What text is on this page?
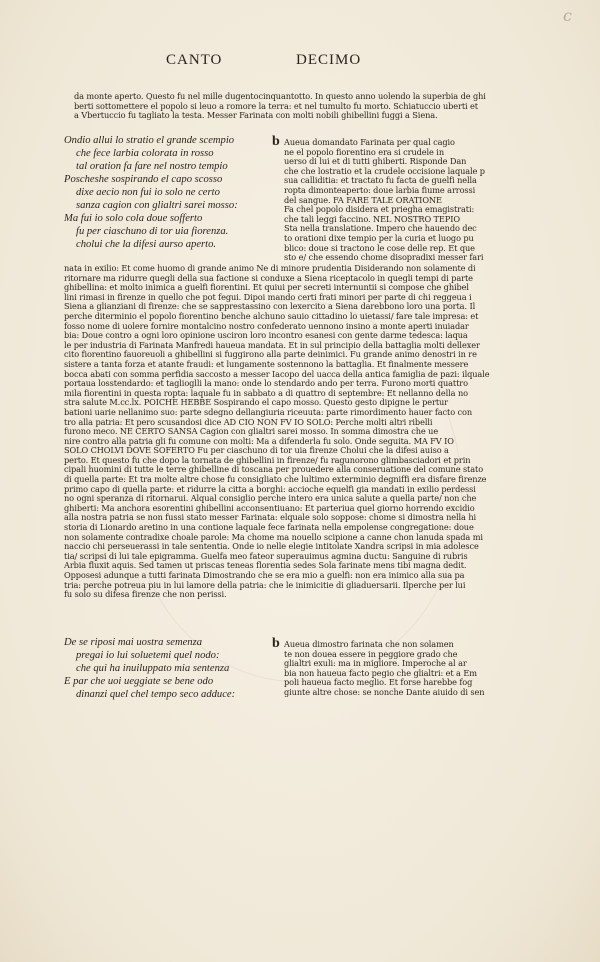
c
CANTO	DECIMO

da monte aperto. Questo fu nel mille dugentocinquantotto. In questo anno uolendo la superbia de ghi

berti sottomettere el popolo si leuo a romore la terra: et nel tumulto fu morto. Schiatuccio uberti et

a Vbertuccio fu tagliato la testa. Messer Farinata con molti nobili ghibellini fuggi a Siena.

Ondio allui lo stratio el grande scempio

che fece larbia colorata in rosso

tal oration fa fare nel nostro tempio

Poscheshe sospirando el capo scosso

dixe aecio non fui io solo ne certo

sanza cagion con glialtri sarei mosso:

Ma fui io solo cola doue sofferto

fu per ciaschuno di tor uia fiorenza.

cholui che la difesi aurso aperto.

b Aueua domandato Farinata per qual cagio

ne el popolo fiorentino era si crudele in

uerso di lui et di tutti ghiberti. Risponde Dan

che che lostratio et la crudele occisione laquale p

sua calliditia: et tractato fu facta de guelfi nella

ropta dimonteaperto: doue larbia fiume arrossi

del sangue. FA FARE TALE ORATIONE

Fa chel popolo disidera et priegha emagistrati:

che tali leggi faccino. NEL NOSTRO TEPIO

Sta nella translatione. Impero che hauendo dec

to orationi dixe tempio per la curia et luogo pu

blico: doue si tractono le cose delle rep. Et que

sto e/ che essendo chome disopradixi messer fari

nata in exilio: Et come huomo di grande animo Ne di minore prudentia Disiderando non solamente di

ritornare ma ridurre quegli della sua factione si conduxe a Siena riceptacolo in quegli tempi di parte

ghibellina: et molto inimica a guelfi fiorentini. Et quiui per secreti internuntii si compose che ghibel

lini rimasi in firenze in quello che pot fegui. Dipoi mando certi frati minori per parte di chi reggeua i

Siena a glianziani di firenze: che se sapprestassino con lexercito a Siena darebbono loro una porta. Il

perche diterminio el popolo fiorentino benche alchuno sauio cittadino lo uietassi/ fare tale impresa: et

fosso nome di uolere fornire montalcino nostro confederato uennono insino a monte aperti inuiadar

bia: Doue contro a ogni loro opinione usciron loro incontro esanesi con gente darme tedesca: laqua

le per industria di Farinata Manfredi haueua mandata. Et in sul principio della battaglia molti dellexer

cito fiorentino fauoreuoli a ghibellini si fuggirono alla parte deinimici. Fu grande animo denostri in re

sistere a tanta forza et atante fraudi: et lungamente sostennono la battaglia. Et finalmente messere

bocca abati con somma perfidia saccosto a messer Iacopo del uacca della antica famiglia de pazi: ilquale

portaua losstendardo: et taglioglli la mano: onde lo stendardo ando per terra. Furono morti quattro

mila fiorentini in questa ropta: laquale fu in sabbato a di quattro di septembre: Et nellanno della no

stra salute M.cc.lx. POICHE HEBBE Sospirando el capo mosso. Questo gesto dipigne le pertur

bationi uarie nellanimo suo: parte sdegno dellangiuria riceuuta: parte rimordimento hauer facto con

tro alla patria: Et pero scusandosi dice AD CIO NON FV IO SOLO: Perche molti altri ribelli

furono meco. NE CERTO SANSA Cagion con glialtri sarei mosso. In somma dimostra che ue

nire contro alla patria gli fu comune con molti: Ma a difenderla fu solo. Onde seguita. MA FV IO

SOLO CHOLVI DOVE SOFERTO Fu per ciaschuno di tor uia firenze Cholui che la difesi auiso a

perto. Et questo fu che dopo la tornata de ghibellini in firenze/ fu ragunorono glimbasciadori et prin

cipali huomini di tutte le terre ghibelline di toscana per prouedere alla conseruatione del comune stato

di quella parte: Et tra molte altre chose fu consigliato che lultimo exterminio degniffi era disfare firenze

primo capo di quella parte: et ridurre la citta a borghi: accioche equelfi gia mandati in exilio perdessi

no ogni speranza di ritornarui. Alqual consiglio perche intero era unica salute a quella parte/ non che

ghiberti: Ma anchora esorentini ghibellini acconsentiuano: Et parteriua quel giorno horrendo excidio

alla nostra patria se non fussi stato messer Farinata: elquale solo soppose: chome si dimostra nella hi

storia di Lionardo aretino in una contione laquale fece farinata nella empolense congregatione: doue

non solamente contradixe choale parole: Ma chome ma nouello scipione a canne chon lanuda spada mi

naccio chi perseuerassi in tale sententia. Onde io nelle elegie intitolate Xandra scripsi in mia adolesce

tia/ scripsi di lui tale epigramma. Guelfa meo fateor superauimus agmina ductu: Sanguine di rubris

Arbia fluxit aquis. Sed tamen ut priscas teneas florentia sedes Sola farinate mens tibi magna dedit.

Opposesi adunque a tutti farinata Dimostrando che se era mio a guelfi: non era inimico alla sua pa

tria: perche potreua piu in lui lamore della patria: che le inimicitie di gliaduersarii. Ilperche per lui

fu solo su difesa firenze che non perissi.

De se riposi mai uostra semenza

pregai io lui soluetemi quel nodo:

che qui ha inuiluppato mia sentenza

E par che uoi ueggiate se bene odo

dinanzi quel chel tempo seco adduce:

b Aueua dimostro farinata che non solamen

te non douea essere in peggiore grado che

glialtri exuli: ma in migliore. Imperoche al ar

bia non haueua facto pegio che glialtri: et a Em

poli haueua facto meglio. Et forse harebbe fog

giunte altre chose: se nonche Dante aiuido di sen
